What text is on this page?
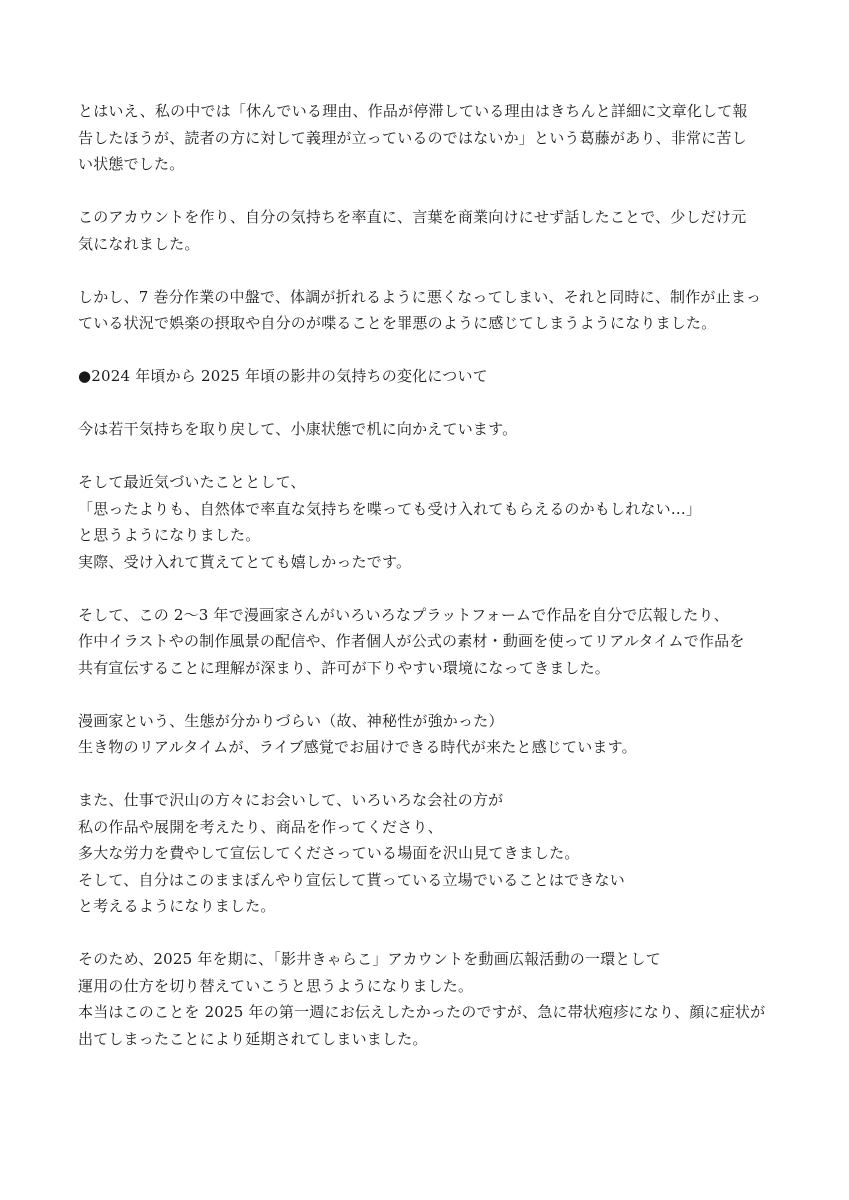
とはいえ、私の中では「休んでいる理由、作品が停滞している理由はきちんと詳細に文章化して報
告したほうが、読者の方に対して義理が立っているのではないか」という葛藤があり、非常に苦し
い状態でした。

このアカウントを作り、自分の気持ちを率直に、言葉を商業向けにせず話したことで、少しだけ元
気になれました。

しかし、7 巻分作業の中盤で、体調が折れるように悪くなってしまい、それと同時に、制作が止まっ
ている状況で娯楽の摂取や自分のが喋ることを罪悪のように感じてしまうようになりました。

●2024 年頃から 2025 年頃の影井の気持ちの変化について

今は若干気持ちを取り戻して、小康状態で机に向かえています。

そして最近気づいたこととして、
「思ったよりも、自然体で率直な気持ちを喋っても受け入れてもらえるのかもしれない…」
と思うようになりました。
実際、受け入れて貰えてとても嬉しかったです。

そして、この 2～3 年で漫画家さんがいろいろなプラットフォームで作品を自分で広報したり、
作中イラストやの制作風景の配信や、作者個人が公式の素材・動画を使ってリアルタイムで作品を
共有宣伝することに理解が深まり、許可が下りやすい環境になってきました。

漫画家という、生態が分かりづらい（故、神秘性が強かった）
生き物のリアルタイムが、ライブ感覚でお届けできる時代が来たと感じています。

また、仕事で沢山の方々にお会いして、いろいろな会社の方が
私の作品や展開を考えたり、商品を作ってくださり、
多大な労力を費やして宣伝してくださっている場面を沢山見てきました。
そして、自分はこのままぼんやり宣伝して貰っている立場でいることはできない
と考えるようになりました。

そのため、2025 年を期に、「影井きゃらこ」アカウントを動画広報活動の一環として
運用の仕方を切り替えていこうと思うようになりました。
本当はこのことを 2025 年の第一週にお伝えしたかったのですが、急に帯状疱疹になり、顔に症状が
出てしまったことにより延期されてしまいました。
